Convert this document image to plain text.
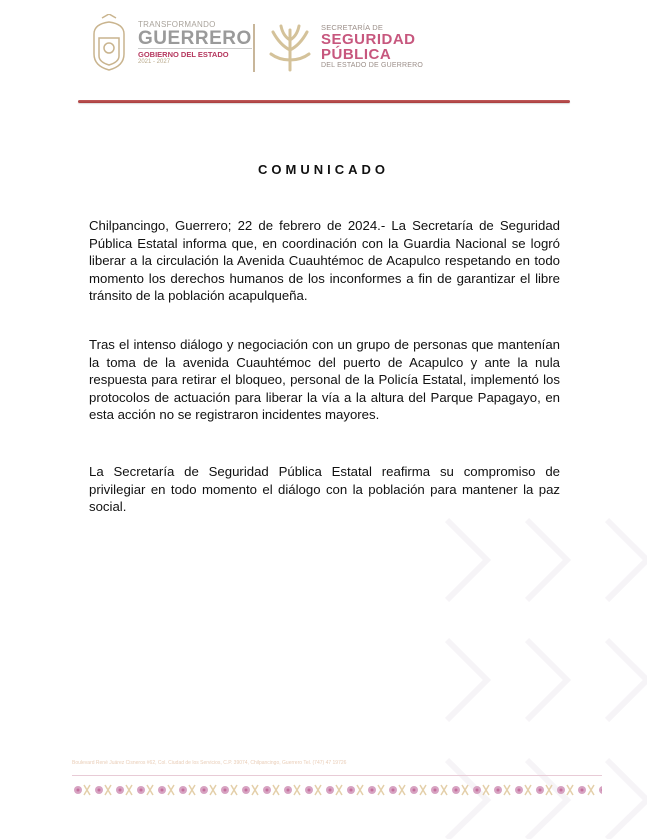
TRANSFORMANDO
GUERRERO
GOBIERNO DEL ESTADO
2021 - 2027
SECRETARÍA DE
SEGURIDAD
PÚBLICA
DEL ESTADO DE GUERRERO
COMUNICADO

Chilpancingo, Guerrero; 22 de febrero de 2024.- La Secretaría de Seguridad Pública Estatal informa que, en coordinación con la Guardia Nacional se logró liberar a la circulación la Avenida Cuauhtémoc de Acapulco respetando en todo momento los derechos humanos de los inconformes a fin de garantizar el libre tránsito de la población acapulqueña.

Tras el intenso diálogo y negociación con un grupo de personas que mantenían la toma de la avenida Cuauhtémoc del puerto de Acapulco y ante la nula respuesta para retirar el bloqueo, personal de la Policía Estatal, implementó los protocolos de actuación para liberar la vía a la altura del Parque Papagayo, en esta acción no se registraron incidentes mayores.

La Secretaría de Seguridad Pública Estatal reafirma su compromiso de privilegiar en todo momento el diálogo con la población para mantener la paz social.

Boulevard René Juárez Cisneros #62, Col. Ciudad de los Servicios, C.P. 39074, Chilpancingo, Guerrero Tel. (747) 47 19726
